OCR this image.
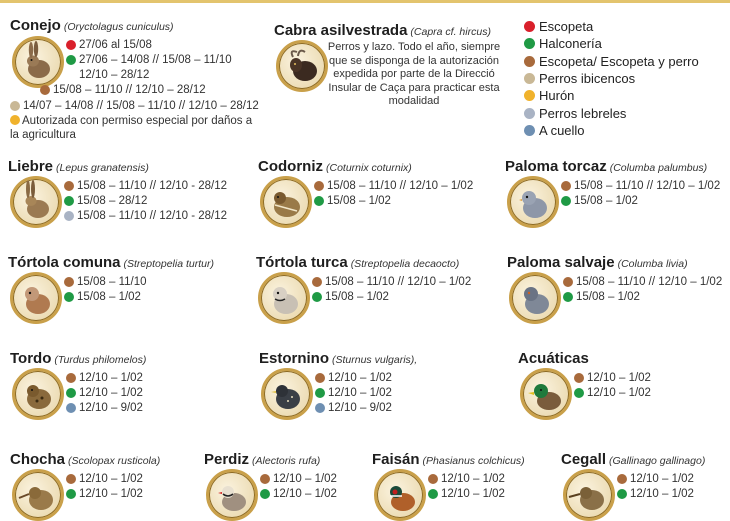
Conejo (Oryctolagus cuniculus)
27/06 al 15/08
27/06 – 14/08 // 15/08 – 11/10
12/10 – 28/12
15/08 – 11/10 // 12/10 – 28/12
14/07 – 14/08 // 15/08 – 11/10 // 12/10 – 28/12
Autorizada con permiso especial por daños a la agricultura
Cabra asilvestrada (Capra cf. hircus)
Perros y lazo. Todo el año, siempre que se disponga de la autorización expedida por parte de la Direcció Insular de Caça para practicar esta modalidad
Escopeta
Halconería
Escopeta/ Escopeta y perro
Perros ibicencos
Hurón
Perros lebreles
A cuello
Liebre (Lepus granatensis)
15/08 – 11/10 // 12/10 - 28/12
15/08 – 28/12
15/08 – 11/10 // 12/10 - 28/12
Codorniz (Coturnix coturnix)
15/08 – 11/10 // 12/10 – 1/02
15/08 – 1/02
Paloma torcaz (Columba palumbus)
15/08 – 11/10 // 12/10 – 1/02
15/08 – 1/02
Tórtola comuna (Streptopelia turtur)
15/08 – 11/10
15/08 – 1/02
Tórtola turca (Streptopelia decaocto)
15/08 – 11/10 // 12/10 – 1/02
15/08 – 1/02
Paloma salvaje (Columba livia)
15/08 – 11/10 // 12/10 – 1/02
15/08 – 1/02
Tordo (Turdus philomelos)
12/10 – 1/02
12/10 – 1/02
12/10 – 9/02
Estornino (Sturnus vulgaris),
12/10 – 1/02
12/10 – 1/02
12/10 – 9/02
Acuáticas
12/10 – 1/02
12/10 – 1/02
Chocha (Scolopax rusticola)
12/10 – 1/02
12/10 – 1/02
Perdiz (Alectoris rufa)
12/10 – 1/02
12/10 – 1/02
Faisán (Phasianus colchicus)
12/10 – 1/02
12/10 – 1/02
Cegall (Gallinago gallinago)
12/10 – 1/02
12/10 – 1/02
